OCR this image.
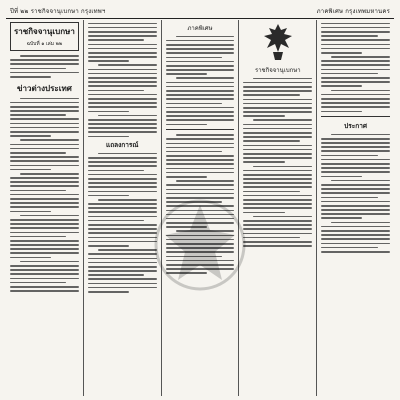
ปีที่ ๒๒ ราชกิจจานุเบกษา กรุงเทพฯ	ภาคพิเศษ กรุงเทพมหานคร
ราชกิจจานุเบกษา
ฉบับที่ ๑ เล่ม ๒๒
ข่าวต่างประเทศ
แถลงการณ์
ภาคพิเศษ
ราชกิจจานุเบกษา
ประกาศ
